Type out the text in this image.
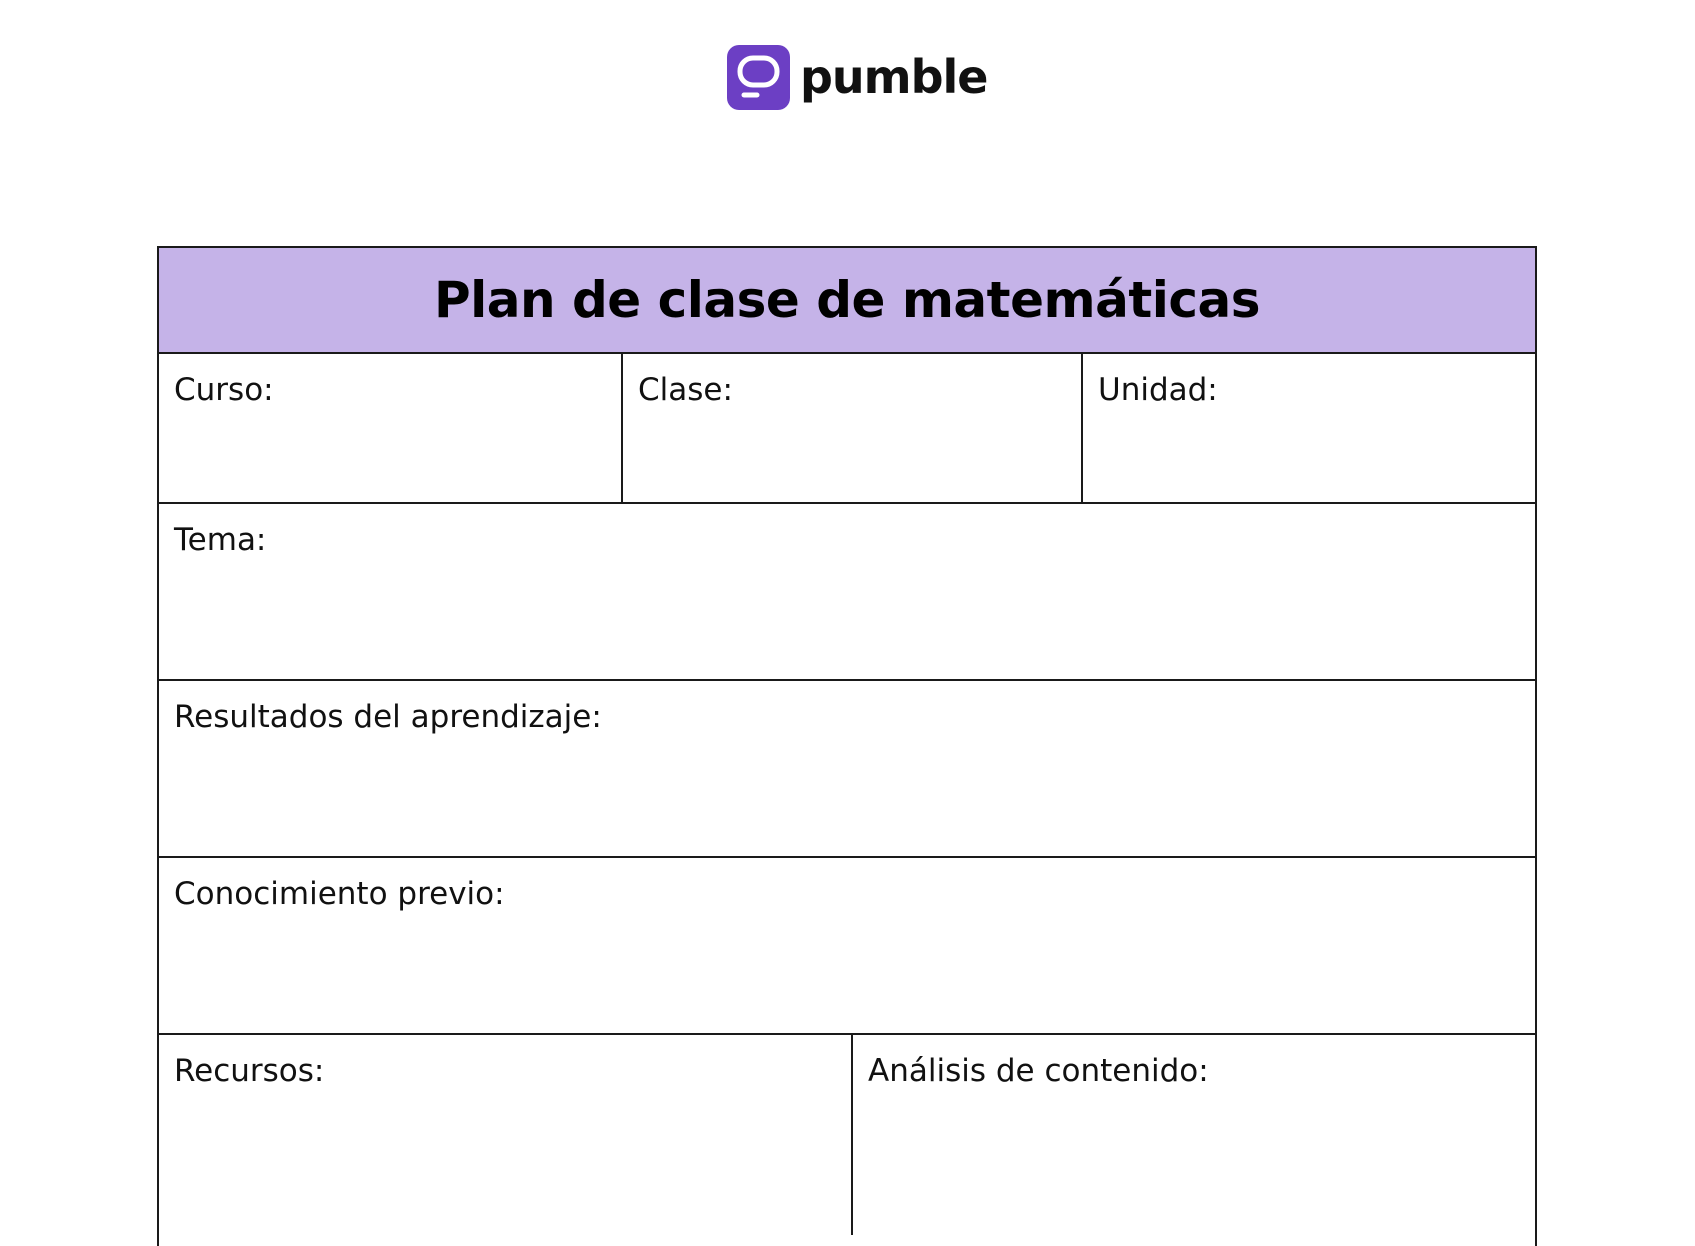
pumble
Plan de clase de matemáticas
Curso:	Clase:	Unidad:
Tema:
Resultados del aprendizaje:
Conocimiento previo:
Recursos:	Análisis de contenido:
